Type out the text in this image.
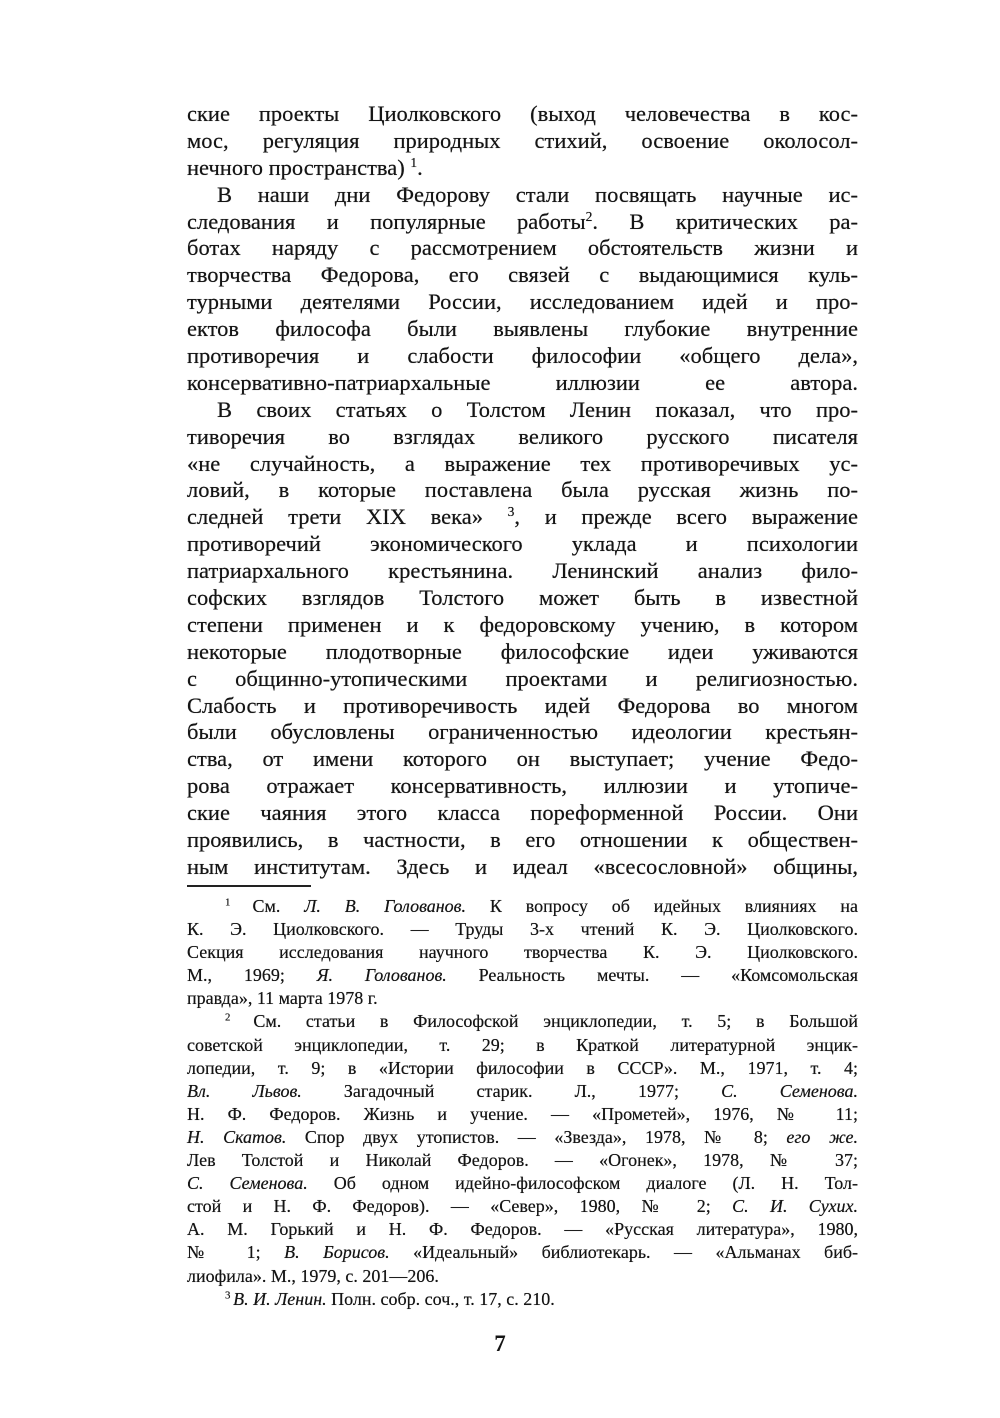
ские проекты Циолковского (выход человечества в кос-
мос, регуляция природных стихий, освоение околосол-
нечного пространства) $^1$.
В наши дни Федорову стали посвящать научные ис-
следования и популярные работы$^2$. В критических ра-
ботах наряду с рассмотрением обстоятельств жизни и
творчества Федорова, его связей с выдающимися куль-
турными деятелями России, исследованием идей и про-
ектов философа были выявлены глубокие внутренние
противоречия и слабости философии «общего дела»,
консервативно-патриархальные иллюзии ее автора.
В своих статьях о Толстом Ленин показал, что про-
тиворечия во взглядах великого русского писателя
«не случайность, а выражение тех противоречивых ус-
ловий, в которые поставлена была русская жизнь по-
следней трети XIX века» $^3$, и прежде всего выражение
противоречий экономического уклада и психологии
патриархального крестьянина. Ленинский анализ фило-
софских взглядов Толстого может быть в известной
степени применен и к федоровскому учению, в котором
некоторые плодотворные философские идеи уживаются
с общинно-утопическими проектами и религиозностью.
Слабость и противоречивость идей Федорова во многом
были обусловлены ограниченностью идеологии крестьян-
ства, от имени которого он выступает; учение Федо-
рова отражает консервативность, иллюзии и утопиче-
ские чаяния этого класса пореформенной России. Они
проявились, в частности, в его отношении к обществен-
ным институтам. Здесь и идеал «всесословной» общины,
$^1$ См. Л. В. Голованов. К вопросу об идейных влияниях на
К. Э. Циолковского. — Труды 3-х чтений К. Э. Циолковского.
Секция исследования научного творчества К. Э. Циолковского.
М., 1969; Я. Голованов. Реальность мечты. — «Комсомольская
правда», 11 марта 1978 г.
$^2$ См. статьи в Философской энциклопедии, т. 5; в Большой
советской энциклопедии, т. 29; в Краткой литературной энцик-
лопедии, т. 9; в «Истории философии в СССР». М., 1971, т. 4;
Вл. Львов. Загадочный старик. Л., 1977; С. Семенова.
Н. Ф. Федоров. Жизнь и учение. — «Прометей», 1976, № 11;
Н. Скатов. Спор двух утопистов. — «Звезда», 1978, № 8; его же.
Лев Толстой и Николай Федоров. — «Огонек», 1978, № 37;
С. Семенова. Об одном идейно-философском диалоге (Л. Н. Тол-
стой и Н. Ф. Федоров). — «Север», 1980, № 2; С. И. Сухих.
А. М. Горький и Н. Ф. Федоров. — «Русская литература», 1980,
№ 1; В. Борисов. «Идеальный» библиотекарь. — «Альманах биб-
лиофила». М., 1979, с. 201—206.
$^3$ В. И. Ленин. Полн. собр. соч., т. 17, с. 210.
7
